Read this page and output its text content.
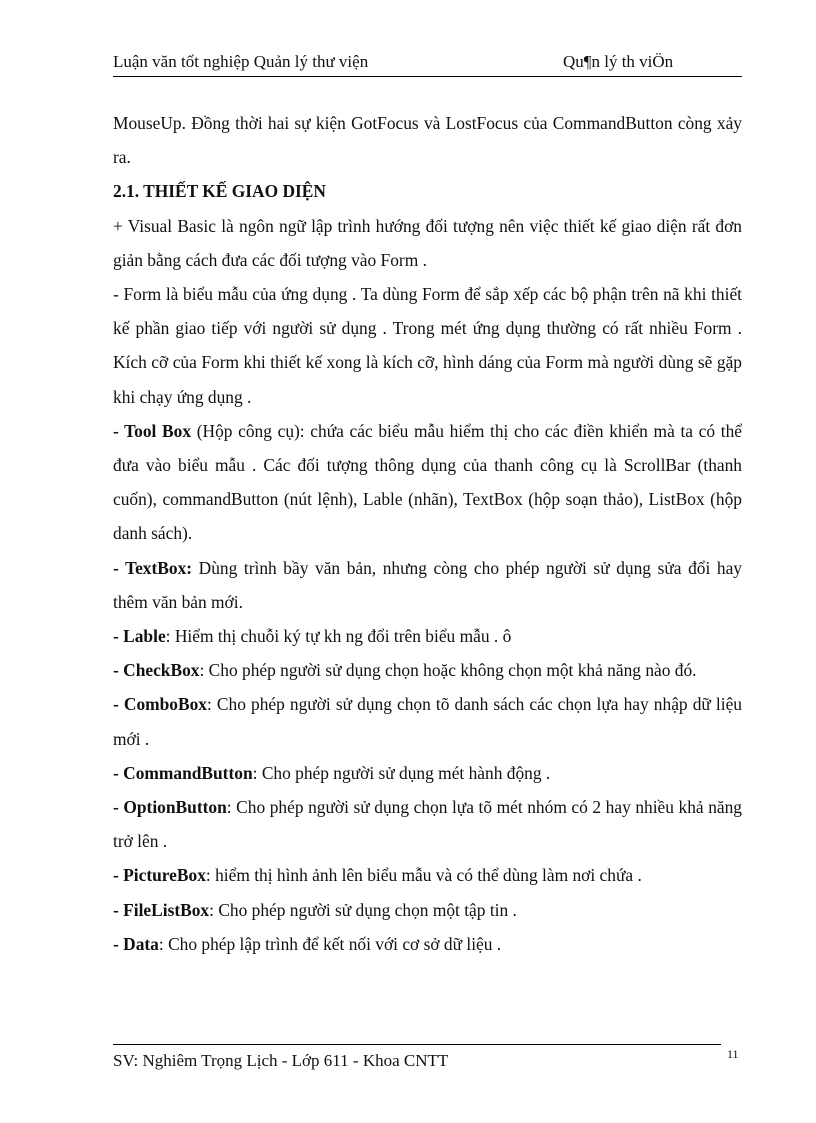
Luận văn tốt nghiệp Quản lý thư viện	Qu¶n lý th viÖn

MouseUp. Đồng thời hai sự kiện GotFocus và LostFocus của CommandButton còng xảy ra.

2.1. THIẾT KẾ GIAO DIỆN

+ Visual Basic là ngôn ngữ lập trình hướng đối tượng nên việc thiết kế giao diện rất đơn giản bằng cách đưa các đối tượng vào Form .

- Form là biểu mẫu của ứng dụng . Ta dùng Form để sắp xếp các bộ phận trên nã khi thiết kế phần giao tiếp với người sử dụng . Trong mét ứng dụng thường có rất nhiều Form . Kích cỡ của Form khi thiết kế xong là kích cỡ, hình dáng của Form mà người dùng sẽ gặp khi chạy ứng dụng .

- Tool Box (Hộp công cụ): chứa các biểu mẫu hiểm thị cho các điền khiển mà ta có thể đưa vào biểu mẫu . Các đối tượng thông dụng của thanh công cụ là ScrollBar (thanh cuốn), commandButton (nút lệnh), Lable (nhãn), TextBox (hộp soạn thảo), ListBox (hộp danh sách).

- TextBox: Dùng trình bầy văn bản, nhưng còng cho phép người sử dụng sửa đổi hay thêm văn bản mới.

- Lable: Hiểm thị chuỗi ký tự kh ng đổi trên biểu mẫu . ô

- CheckBox: Cho phép người sử dụng chọn hoặc không chọn một khả năng nào đó.

- ComboBox: Cho phép người sử dụng chọn tõ danh sách các chọn lựa hay nhập dữ liệu mới .

- CommandButton: Cho phép người sử dụng mét hành động .

- OptionButton: Cho phép người sử dụng chọn lựa tõ mét nhóm có 2 hay nhiều khả năng trở lên .

- PictureBox: hiểm thị hình ảnh lên biểu mẫu và có thể dùng làm nơi chứa .

- FileListBox: Cho phép người sử dụng chọn một tập tin .

- Data: Cho phép lập trình để kết nối với cơ sở dữ liệu .

11
SV: Nghiêm Trọng Lịch - Lớp 611 - Khoa CNTT
